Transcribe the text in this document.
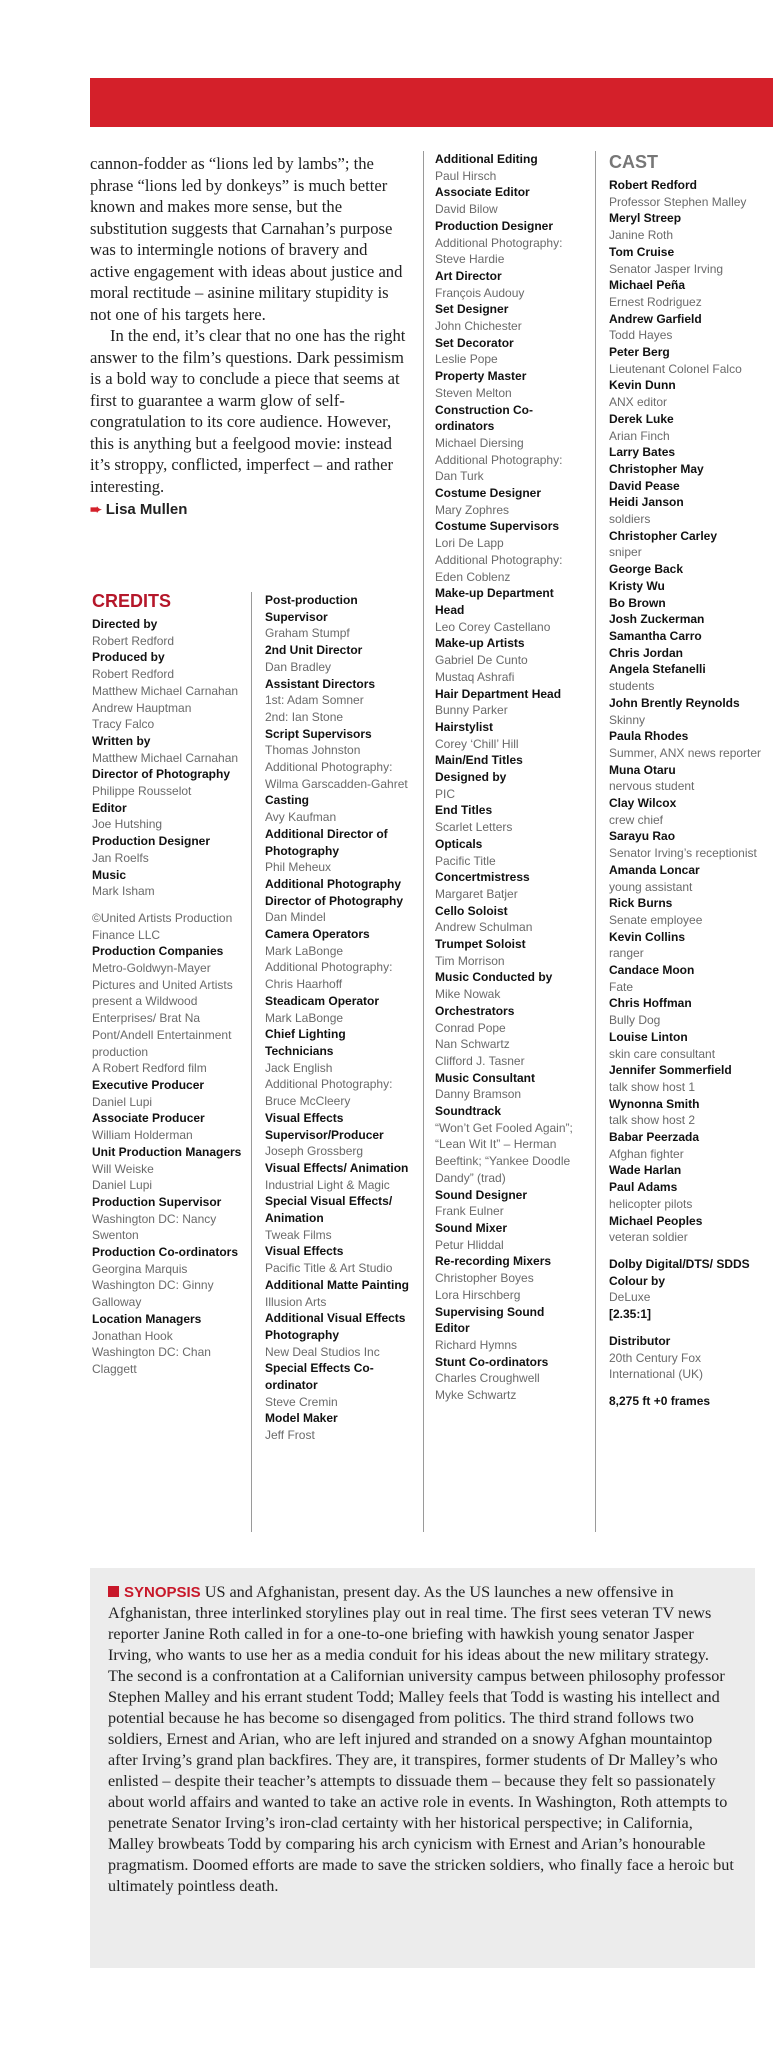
cannon-fodder as “lions led by lambs”; the phrase “lions led by donkeys” is much better known and makes more sense, but the substitution suggests that Carnahan’s purpose was to intermingle notions of bravery and active engagement with ideas about justice and moral rectitude – asinine military stupidity is not one of his targets here.

In the end, it’s clear that no one has the right answer to the film’s questions. Dark pessimism is a bold way to conclude a piece that seems at first to guarantee a warm glow of self-congratulation to its core audience. However, this is anything but a feelgood movie: instead it’s stroppy, conflicted, imperfect – and rather interesting.

➨ Lisa Mullen
CREDITS
Directed by
Robert Redford
Produced by
Robert Redford
Matthew Michael Carnahan
Andrew Hauptman
Tracy Falco
Written by
Matthew Michael Carnahan
Director of Photography
Philippe Rousselot
Editor
Joe Hutshing
Production Designer
Jan Roelfs
Music
Mark Isham
©United Artists Production Finance LLC
Production Companies
Metro-Goldwyn-Mayer Pictures and United Artists present a Wildwood Enterprises/ Brat Na Pont/Andell Entertainment production
A Robert Redford film
Executive Producer
Daniel Lupi
Associate Producer
William Holderman
Unit Production Managers
Will Weiske
Daniel Lupi
Production Supervisor
Washington DC: Nancy Swenton
Production Co-ordinators
Georgina Marquis
Washington DC: Ginny Galloway
Location Managers
Jonathan Hook
Washington DC: Chan Claggett
Post-production Supervisor
Graham Stumpf
2nd Unit Director
Dan Bradley
Assistant Directors
1st: Adam Somner
2nd: Ian Stone
Script Supervisors
Thomas Johnston
Additional Photography: Wilma Garscadden-Gahret
Casting
Avy Kaufman
Additional Director of Photography
Phil Meheux
Additional Photography Director of Photography
Dan Mindel
Camera Operators
Mark LaBonge
Additional Photography: Chris Haarhoff
Steadicam Operator
Mark LaBonge
Chief Lighting Technicians
Jack English
Additional Photography: Bruce McCleery
Visual Effects Supervisor/Producer
Joseph Grossberg
Visual Effects/ Animation
Industrial Light & Magic
Special Visual Effects/ Animation
Tweak Films
Visual Effects
Pacific Title & Art Studio
Additional Matte Painting
Illusion Arts
Additional Visual Effects Photography
New Deal Studios Inc
Special Effects Co-ordinator
Steve Cremin
Model Maker
Jeff Frost
Additional Editing
Paul Hirsch
Associate Editor
David Bilow
Production Designer
Additional Photography: Steve Hardie
Art Director
François Audouy
Set Designer
John Chichester
Set Decorator
Leslie Pope
Property Master
Steven Melton
Construction Co-ordinators
Michael Diersing
Additional Photography: Dan Turk
Costume Designer
Mary Zophres
Costume Supervisors
Lori De Lapp
Additional Photography: Eden Coblenz
Make-up Department Head
Leo Corey Castellano
Make-up Artists
Gabriel De Cunto
Mustaq Ashrafi
Hair Department Head
Bunny Parker
Hairstylist
Corey ‘Chill’ Hill
Main/End Titles Designed by
PIC
End Titles
Scarlet Letters
Opticals
Pacific Title
Concertmistress
Margaret Batjer
Cello Soloist
Andrew Schulman
Trumpet Soloist
Tim Morrison
Music Conducted by
Mike Nowak
Orchestrators
Conrad Pope
Nan Schwartz
Clifford J. Tasner
Music Consultant
Danny Bramson
Soundtrack
“Won’t Get Fooled Again”; “Lean Wit It” – Herman Beeftink; “Yankee Doodle Dandy” (trad)
Sound Designer
Frank Eulner
Sound Mixer
Petur Hliddal
Re-recording Mixers
Christopher Boyes
Lora Hirschberg
Supervising Sound Editor
Richard Hymns
Stunt Co-ordinators
Charles Croughwell
Myke Schwartz
CAST
Robert Redford
Professor Stephen Malley
Meryl Streep
Janine Roth
Tom Cruise
Senator Jasper Irving
Michael Peña
Ernest Rodriguez
Andrew Garfield
Todd Hayes
Peter Berg
Lieutenant Colonel Falco
Kevin Dunn
ANX editor
Derek Luke
Arian Finch
Larry Bates
Christopher May
David Pease
Heidi Janson
soldiers
Christopher Carley
sniper
George Back
Kristy Wu
Bo Brown
Josh Zuckerman
Samantha Carro
Chris Jordan
Angela Stefanelli
students
John Brently Reynolds
Skinny
Paula Rhodes
Summer, ANX news reporter
Muna Otaru
nervous student
Clay Wilcox
crew chief
Sarayu Rao
Senator Irving’s receptionist
Amanda Loncar
young assistant
Rick Burns
Senate employee
Kevin Collins
ranger
Candace Moon
Fate
Chris Hoffman
Bully Dog
Louise Linton
skin care consultant
Jennifer Sommerfield
talk show host 1
Wynonna Smith
talk show host 2
Babar Peerzada
Afghan fighter
Wade Harlan
Paul Adams
helicopter pilots
Michael Peoples
veteran soldier
Dolby Digital/DTS/ SDDS
Colour by
DeLuxe
[2.35:1]
Distributor
20th Century Fox International (UK)
8,275 ft +0 frames
SYNOPSIS US and Afghanistan, present day. As the US launches a new offensive in Afghanistan, three interlinked storylines play out in real time. The first sees veteran TV news reporter Janine Roth called in for a one-to-one briefing with hawkish young senator Jasper Irving, who wants to use her as a media conduit for his ideas about the new military strategy. The second is a confrontation at a Californian university campus between philosophy professor Stephen Malley and his errant student Todd; Malley feels that Todd is wasting his intellect and potential because he has become so disengaged from politics. The third strand follows two soldiers, Ernest and Arian, who are left injured and stranded on a snowy Afghan mountaintop after Irving’s grand plan backfires. They are, it transpires, former students of Dr Malley’s who enlisted – despite their teacher’s attempts to dissuade them – because they felt so passionately about world affairs and wanted to take an active role in events. In Washington, Roth attempts to penetrate Senator Irving’s iron-clad certainty with her historical perspective; in California, Malley browbeats Todd by comparing his arch cynicism with Ernest and Arian’s honourable pragmatism. Doomed efforts are made to save the stricken soldiers, who finally face a heroic but ultimately pointless death.
